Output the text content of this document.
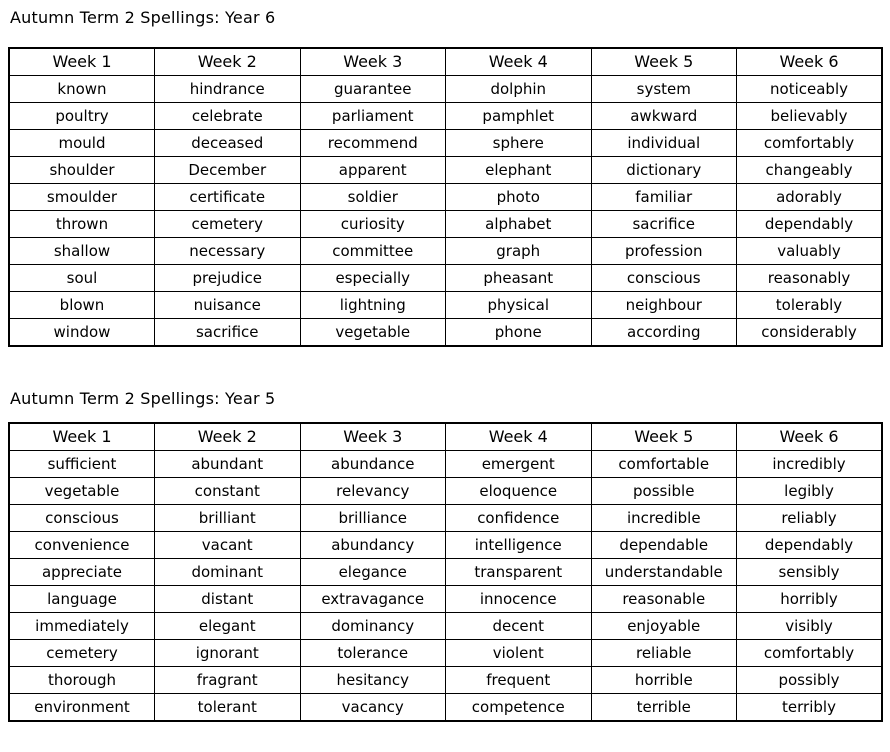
Autumn Term 2 Spellings: Year 6
Week 1	Week 2	Week 3	Week 4	Week 5	Week 6
known	hindrance	guarantee	dolphin	system	noticeably
poultry	celebrate	parliament	pamphlet	awkward	believably
mould	deceased	recommend	sphere	individual	comfortably
shoulder	December	apparent	elephant	dictionary	changeably
smoulder	certificate	soldier	photo	familiar	adorably
thrown	cemetery	curiosity	alphabet	sacrifice	dependably
shallow	necessary	committee	graph	profession	valuably
soul	prejudice	especially	pheasant	conscious	reasonably
blown	nuisance	lightning	physical	neighbour	tolerably
window	sacrifice	vegetable	phone	according	considerably
Autumn Term 2 Spellings: Year 5
Week 1	Week 2	Week 3	Week 4	Week 5	Week 6
sufficient	abundant	abundance	emergent	comfortable	incredibly
vegetable	constant	relevancy	eloquence	possible	legibly
conscious	brilliant	brilliance	confidence	incredible	reliably
convenience	vacant	abundancy	intelligence	dependable	dependably
appreciate	dominant	elegance	transparent	understandable	sensibly
language	distant	extravagance	innocence	reasonable	horribly
immediately	elegant	dominancy	decent	enjoyable	visibly
cemetery	ignorant	tolerance	violent	reliable	comfortably
thorough	fragrant	hesitancy	frequent	horrible	possibly
environment	tolerant	vacancy	competence	terrible	terribly
